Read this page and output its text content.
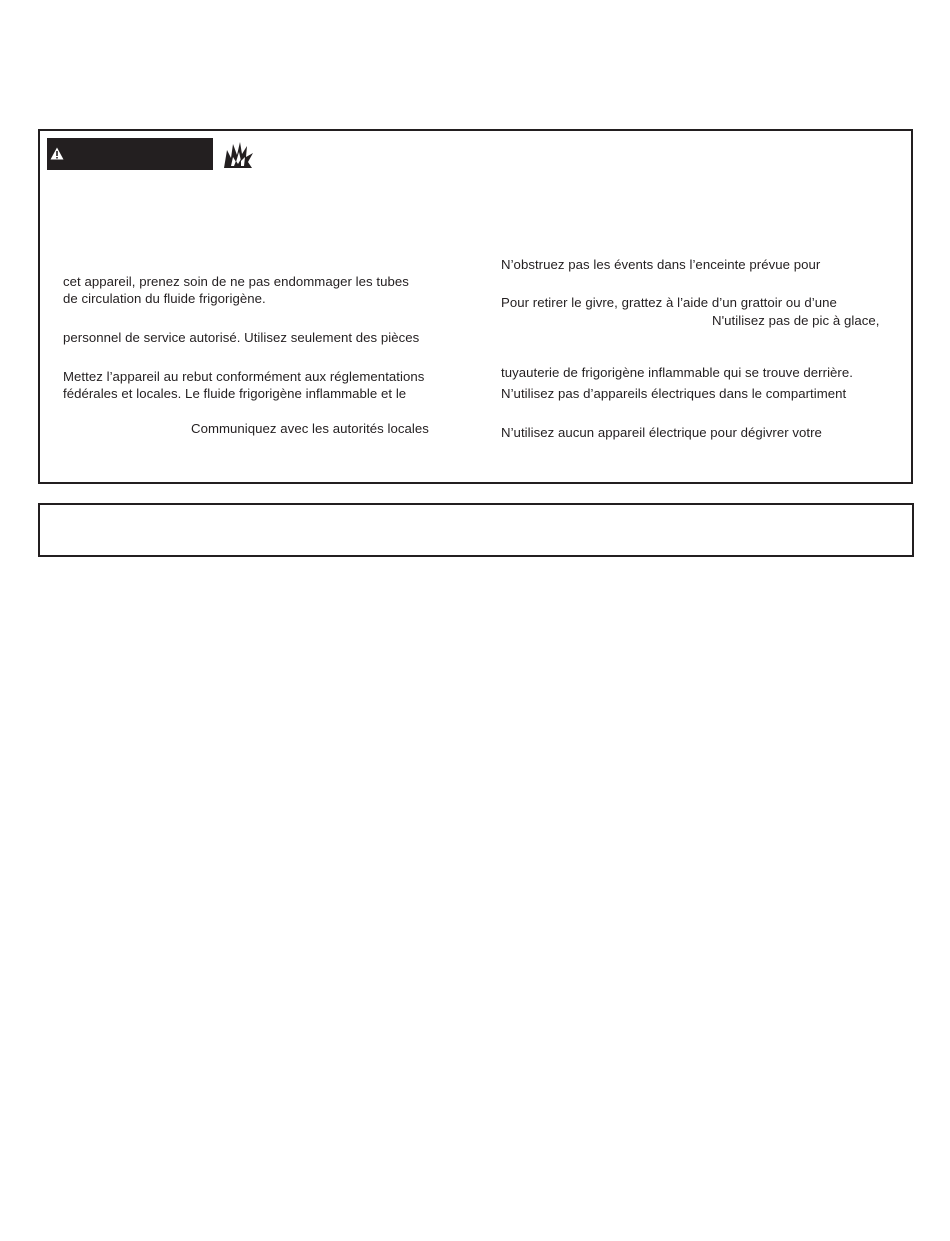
cet appareil, prenez soin de ne pas endommager les tubes
de circulation du fluide frigorigène.
personnel de service autorisé. Utilisez seulement des pièces
Mettez l’appareil au rebut conformément aux réglementations
fédérales et locales. Le fluide frigorigène inflammable et le
Communiquez avec les autorités locales
N’obstruez pas les évents dans l’enceinte prévue pour
Pour retirer le givre, grattez à l’aide d’un grattoir ou d’une
N'utilisez pas de pic à glace,
tuyauterie de frigorigène inflammable qui se trouve derrière.
N’utilisez pas d’appareils électriques dans le compartiment
N’utilisez aucun appareil électrique pour dégivrer votre
